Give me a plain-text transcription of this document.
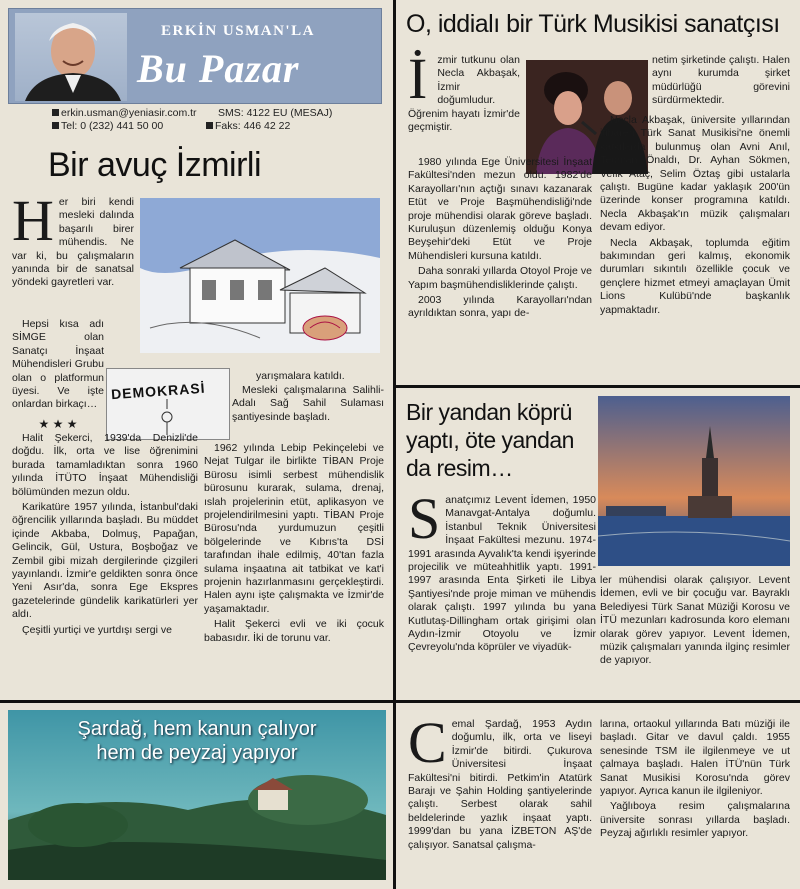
ERKİN USMAN'LA
Bu Pazar
erkin.usman@yeniasir.com.tr SMS: 4122 EU (MESAJ)
Tel: 0 (232) 441 50 00	Faks: 446 42 22
Bir avuç İzmirli
DEMOKRASİ
H er biri kendi mesleki dalında başarılı birer mühendis. Ne var ki, bu çalışmaların yanında bir de sanatsal yöndeki gayretleri var.

Hepsi kısa adı SİMGE olan Sanatçı İnşaat Mühendisleri Grubu olan o platformun üyesi. Ve işte onlardan birkaçı…

★ ★ ★

Halit Şekerci, 1939'da Denizli'de doğdu. İlk, orta ve lise öğrenimini burada tamamladıktan sonra 1960 yılında İTÜTO İnşaat Mühendisliği bölümünden mezun oldu.

Karikatüre 1957 yılında, İstanbul'daki öğrencilik yıllarında başladı. Bu müddet içinde Akbaba, Dolmuş, Papağan, Gelincik, Gül, Ustura, Boşboğaz ve Zembil gibi mizah dergilerinde çizgileri yayınlandı. İzmir'e geldikten sonra önce Yeni Asır'da, sonra Ege Ekspres gazetelerinde gündelik karikatürleri yer aldı.

Çeşitli yurtiçi ve yurtdışı sergi ve

yarışmalara katıldı.

Mesleki çalışmalarına Salihli-Adalı Sağ Sahil Sulaması şantiyesinde başladı.

1962 yılında Lebip Pekinçelebi ve Nejat Tulgar ile birlikte TİBAN Proje Bürosu isimli serbest mühendislik bürosunu kurarak, sulama, drenaj, ıslah projelerinin etüt, aplikasyon ve projelendirilmesini yaptı. TİBAN Proje Bürosu'nda yurdumuzun çeşitli bölgelerinde ve Kıbrıs'ta DSİ tarafından ihale edilmiş, 40'tan fazla sulama inşaatına ait tatbikat ve kat'i projenin hazırlanmasını gerçekleştirdi. Halen aynı işte çalışmakta ve İzmir'de yaşamaktadır.

Halit Şekerci evli ve iki çocuk babasıdır. İki de torunu var.

O, iddialı bir Türk Musikisi sanatçısı
İ zmir tutkunu olan Necla Akbaşak, İzmir doğumludur. Öğrenim hayatı İzmir'de geçmiştir.

1980 yılında Ege Üniversitesi İnşaat Fakültesi'nden mezun oldu. 1982'de Karayolları'nın açtığı sınavı kazanarak Etüt ve Proje Başmühendisliği'nde proje mühendisi olarak göreve başladı. Kuruluşun düzenlemiş olduğu Konya Beyşehir'deki Etüt ve Proje Mühendisleri kursuna katıldı.

Daha sonraki yıllarda Otoyol Proje ve Yapım başmühendisliklerinde çalıştı.

2003 yılında Karayolları'ndan ayrıldıktan sonra, yapı de-

netim şirketinde çalıştı. Halen aynı kurumda şirket müdürlüğü görevini sürdürmektedir.

Necla Akbaşak, üniversite yıllarından itibaren Türk Sanat Musikisi'ne önemli katkılarda bulunmuş olan Avni Anıl, Teoman Önaldı, Dr. Ayhan Sökmen, Vefik Ataç, Selim Öztaş gibi ustalarla çalıştı. Bugüne kadar yaklaşık 200'ün üzerinde konser programına katıldı. Necla Akbaşak'ın müzik çalışmaları devam ediyor.

Necla Akbaşak, toplumda eğitim bakımından geri kalmış, ekonomik durumları sıkıntılı özellikle çocuk ve gençlere hizmet etmeyi amaçlayan Ümit Lions Kulübü'nde başkanlık yapmaktadır.

Bir yandan köprü yaptı, öte yandan da resim…
S anatçımız Levent İdemen, 1950 Manavgat-Antalya doğumlu. İstanbul Teknik Üniversitesi İnşaat Fakültesi mezunu. 1974-1991 arasında Ayvalık'ta kendi işyerinde projecilik ve müteahhitlik yaptı. 1991-1997 arasında Enta Şirketi ile Libya Şantiyesi'nde proje miman ve mühendis olarak çalıştı. 1997 yılında bu yana Kutlutaş-Dillingham ortak girişimi olan Aydın-İzmir Otoyolu ve İzmir Çevreyolu'nda köprüler ve viyadük-

ler mühendisi olarak çalışıyor. Levent İdemen, evli ve bir çocuğu var. Bayraklı Belediyesi Türk Sanat Müziği Korosu ve İTÜ mezunları kadrosunda koro elemanı olarak görev yapıyor. Levent İdemen, müzik çalışmaları yanında ilginç resimler de yapıyor.

Şardağ, hem kanun çalıyor
hem de peyzaj yapıyor	C emal Şardağ, 1953 Aydın doğumlu, ilk, orta ve liseyi İzmir'de bitirdi. Çukurova Üniversitesi İnşaat Fakültesi'ni bitirdi. Petkim'in Atatürk Barajı ve Şahin Holding şantiyelerinde çalıştı. Serbest olarak sahil beldelerinde yazlık inşaat yaptı. 1999'dan bu yana İZBETON AŞ'de çalışıyor. Sanatsal çalışma-

larına, ortaokul yıllarında Batı müziği ile başladı. Gitar ve davul çaldı. 1955 senesinde TSM ile ilgilenmeye ve ut çalmaya başladı. Halen İTÜ'nün Türk Sanat Musikisi Korosu'nda görev yapıyor. Ayrıca kanun ile ilgileniyor.

Yağlıboya resim çalışmalarına üniversite sonrası yıllarda başladı. Peyzaj ağırlıklı resimler yapıyor.
